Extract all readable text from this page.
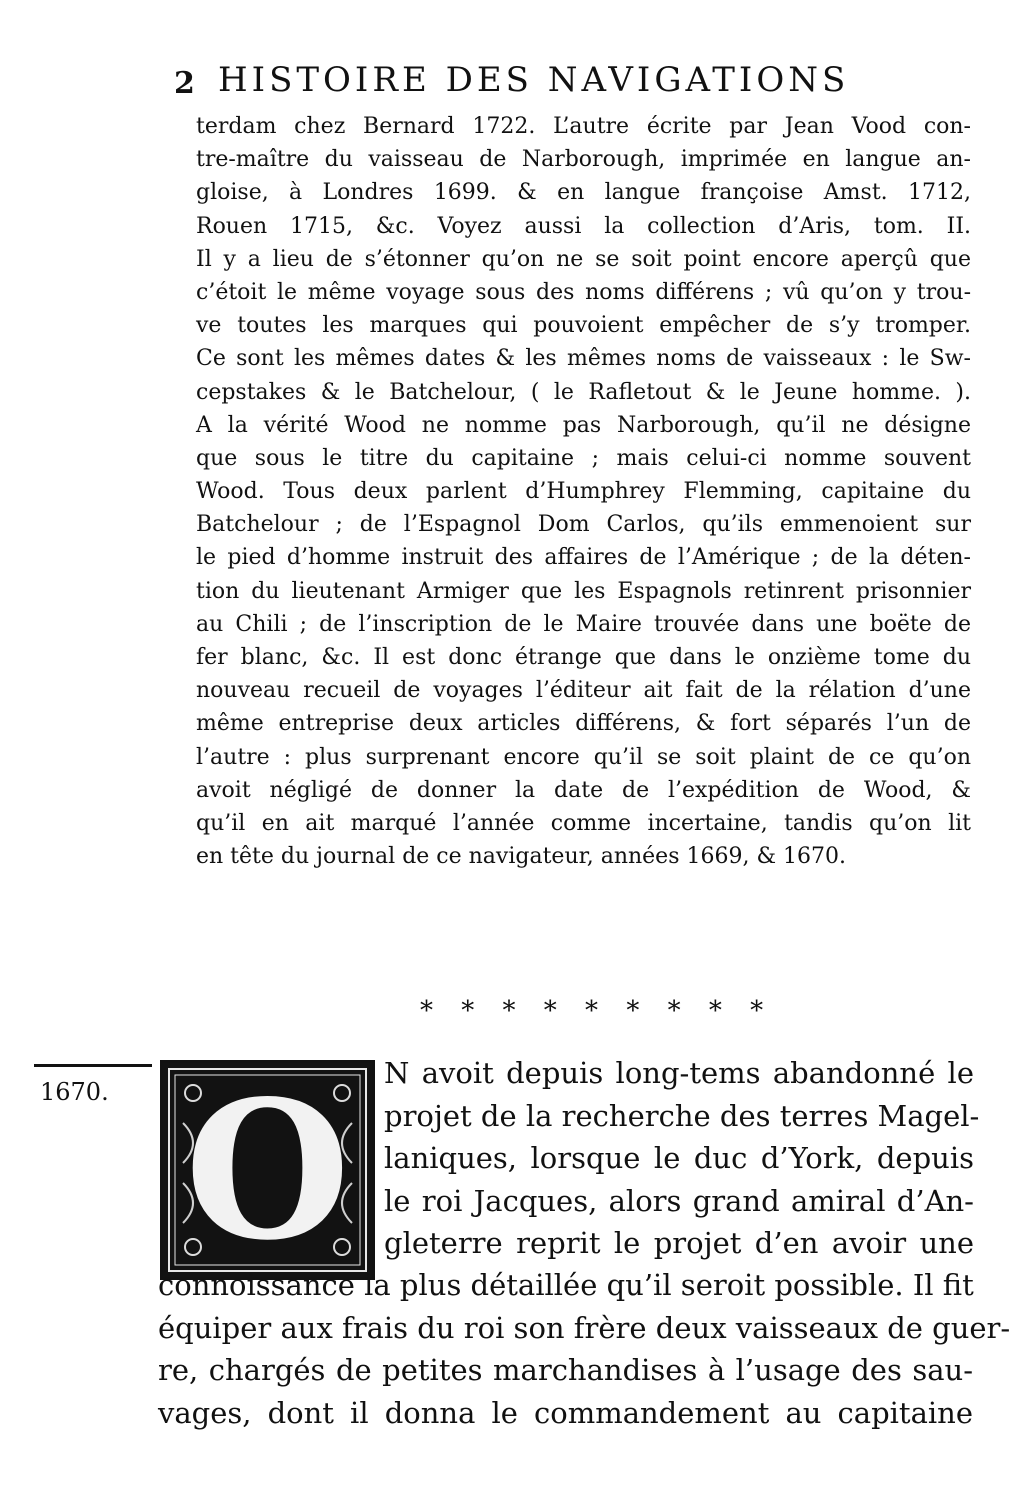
2 HISTOIRE DES NAVIGATIONS
terdam chez Bernard 1722. L’autre écrite par Jean Vood con-
tre-maître du vaisseau de Narborough, imprimée en langue an-
gloise, à Londres 1699. & en langue françoise Amst. 1712,
Rouen 1715, &c. Voyez aussi la collection d’Aris, tom. II.
Il y a lieu de s’étonner qu’on ne se soit point encore aperçû que
c’étoit le même voyage sous des noms différens ; vû qu’on y trou-
ve toutes les marques qui pouvoient empêcher de s’y tromper.
Ce sont les mêmes dates & les mêmes noms de vaisseaux : le Sw-
cepstakes & le Batchelour, ( le Rafletout & le Jeune homme. ).
A la vérité Wood ne nomme pas Narborough, qu’il ne désigne
que sous le titre du capitaine ; mais celui-ci nomme souvent
Wood. Tous deux parlent d’Humphrey Flemming, capitaine du
Batchelour ; de l’Espagnol Dom Carlos, qu’ils emmenoient sur
le pied d’homme instruit des affaires de l’Amérique ; de la déten-
tion du lieutenant Armiger que les Espagnols retinrent prisonnier
au Chili ; de l’inscription de le Maire trouvée dans une boëte de
fer blanc, &c. Il est donc étrange que dans le onzième tome du
nouveau recueil de voyages l’éditeur ait fait de la rélation d’une
même entreprise deux articles différens, & fort séparés l’un de
l’autre : plus surprenant encore qu’il se soit plaint de ce qu’on
avoit négligé de donner la date de l’expédition de Wood, &
qu’il en ait marqué l’année comme incertaine, tandis qu’on lit
en tête du journal de ce navigateur, années 1669, & 1670.
* * * * * * * * *
1670. O	N avoit depuis long-tems abandonné le
projet de la recherche des terres Magel-
laniques, lorsque le duc d’York, depuis
le roi Jacques, alors grand amiral d’An-
gleterre reprit le projet d’en avoir une
connoissance la plus détaillée qu’il seroit possible. Il fit
équiper aux frais du roi son frère deux vaisseaux de guer-
re, chargés de petites marchandises à l’usage des sau-
vages, dont il donna le commandement au capitaine
